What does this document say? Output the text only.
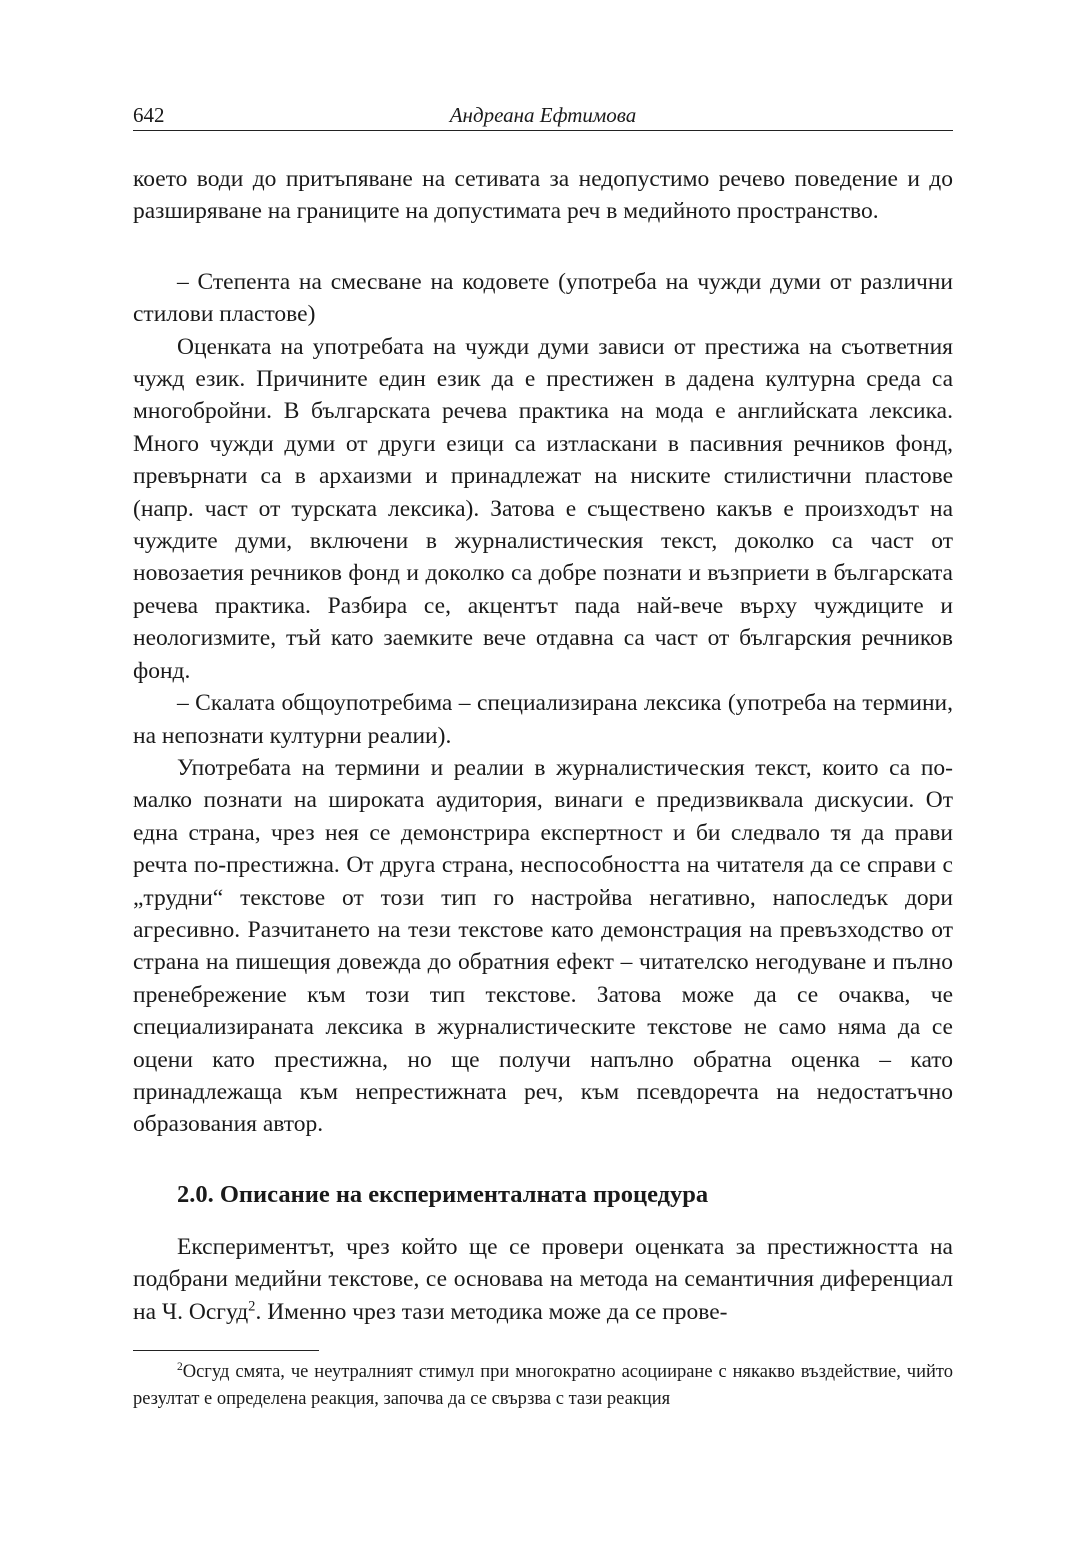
642	Андреана Ефтимова

което води до притъпяване на сетивата за недопустимо речево поведение и до разширяване на границите на допустимата реч в медийното пространство.

– Степента на смесване на кодовете (употреба на чужди думи от различни стилови пластове)

Оценката на употребата на чужди думи зависи от престижа на съответния чужд език. Причините един език да е престижен в дадена културна среда са многобройни. В българската речева практика на мода е английската лексика. Много чужди думи от други езици са изтласкани в пасивния речников фонд, превърнати са в архаизми и принадлежат на ниските стилистични пластове (напр. част от турската лексика). Затова е съществено какъв е произходът на чуждите думи, включени в журналистическия текст, доколко са част от новозаетия речников фонд и доколко са добре познати и възприети в българската речева практика. Разбира се, акцентът пада най-вече върху чуждиците и неологизмите, тъй като заемките вече отдавна са част от българския речников фонд.

– Скалата общоупотребима – специализирана лексика (употреба на термини, на непознати културни реалии).

Употребата на термини и реалии в журналистическия текст, които са по-малко познати на широката аудитория, винаги е предизвиквала дискусии. От една страна, чрез нея се демонстрира експертност и би следвало тя да прави речта по-престижна. От друга страна, неспособността на читателя да се справи с „трудни“ текстове от този тип го настройва негативно, напоследък дори агресивно. Разчитането на тези текстове като демонстрация на превъзходство от страна на пишещия довежда до обратния ефект – читателско негодуване и пълно пренебрежение към този тип текстове. Затова може да се очаква, че специализираната лексика в журналистическите текстове не само няма да се оцени като престижна, но ще получи напълно обратна оценка – като принадлежаща към непрестижната реч, към псевдоречта на недостатъчно образования автор.

2.0. Описание на експерименталната процедура

Експериментът, чрез който ще се провери оценката за престижността на подбрани медийни текстове, се основава на метода на семантичния диференциал на Ч. Осгуд$^2$. Именно чрез тази методика може да се прове-

$^2$Осгуд смята, че неутралният стимул при многократно асоцииране с някакво въздействие, чийто резултат е определена реакция, започва да се свързва с тази реакция
